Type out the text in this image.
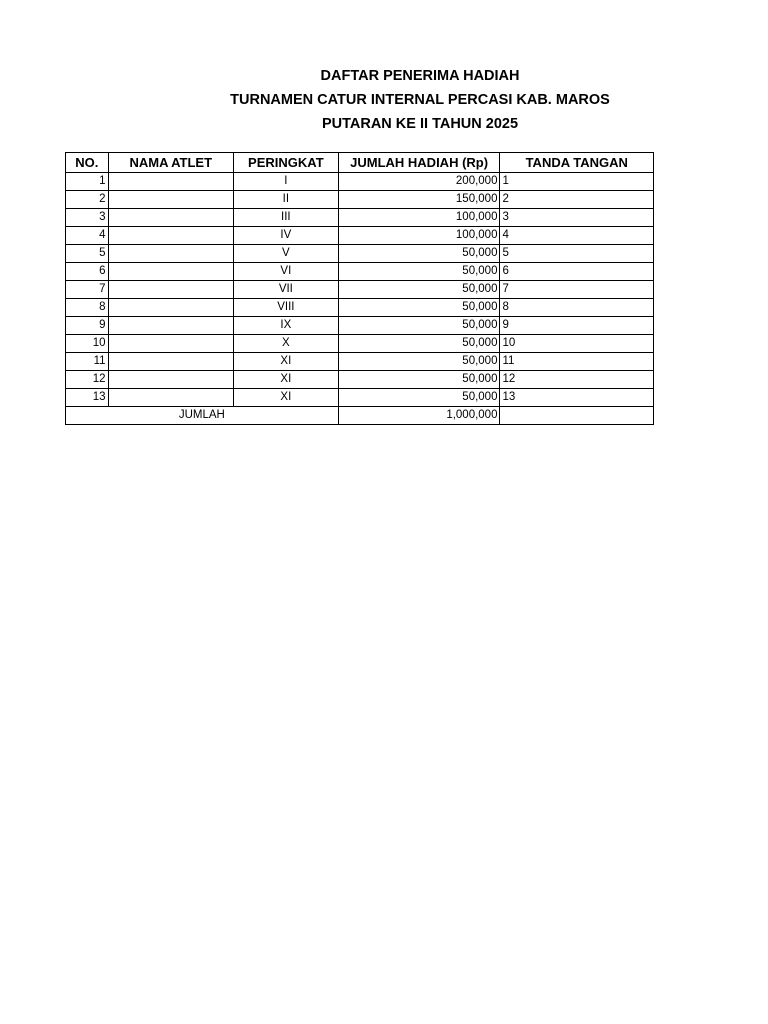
DAFTAR PENERIMA HADIAH
TURNAMEN CATUR INTERNAL PERCASI KAB. MAROS
PUTARAN KE II TAHUN 2025
NO.	NAMA ATLET	PERINGKAT	JUMLAH HADIAH (Rp)	TANDA TANGAN
1		I	200,000	1
2		II	150,000	2
3		III	100,000	3
4		IV	100,000	4
5		V	50,000	5
6		VI	50,000	6
7		VII	50,000	7
8		VIII	50,000	8
9		IX	50,000	9
10		X	50,000	10
11		XI	50,000	11
12		XI	50,000	12
13		XI	50,000	13
JUMLAH			1,000,000	
